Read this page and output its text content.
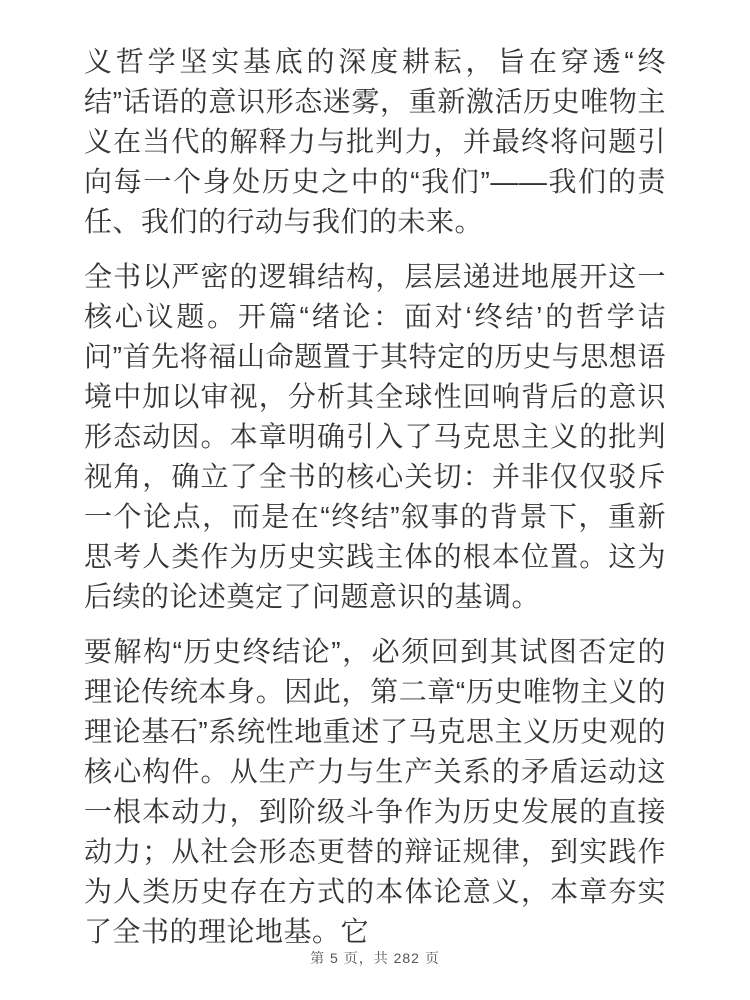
义哲学坚实基底的深度耕耘，旨在穿透“终结”话语的意识形态迷雾，重新激活历史唯物主义在当代的解释力与批判力，并最终将问题引向每一个身处历史之中的“我们”——我们的责任、我们的行动与我们的未来。

全书以严密的逻辑结构，层层递进地展开这一核心议题。开篇“绪论：面对‘终结’的哲学诘问”首先将福山命题置于其特定的历史与思想语境中加以审视，分析其全球性回响背后的意识形态动因。本章明确引入了马克思主义的批判视角，确立了全书的核心关切：并非仅仅驳斥一个论点，而是在“终结”叙事的背景下，重新思考人类作为历史实践主体的根本位置。这为后续的论述奠定了问题意识的基调。

要解构“历史终结论”，必须回到其试图否定的理论传统本身。因此，第二章“历史唯物主义的理论基石”系统性地重述了马克思主义历史观的核心构件。从生产力与生产关系的矛盾运动这一根本动力，到阶级斗争作为历史发展的直接动力；从社会形态更替的辩证规律，到实践作为人类历史存在方式的本体论意义，本章夯实了全书的理论地基。它

第 5 页，共 282 页
